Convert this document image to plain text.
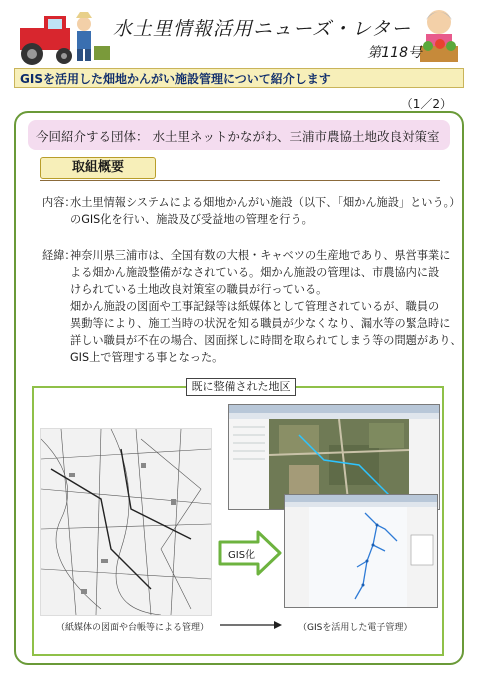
水土里情報活用ニューズ・レター
第118号
GISを活用した畑地かんがい施設管理について紹介します
（1／2）
今回紹介する団体： 水土里ネットかながわ、三浦市農協土地改良対策室
取組概要
内容：
水土里情報システムによる畑地かんがい施設（以下、「畑かん施設」という。）
のGIS化を行い、施設及び受益地の管理を行う。
経緯：
神奈川県三浦市は、全国有数の大根・キャベツの生産地であり、県営事業に
よる畑かん施設整備がなされている。畑かん施設の管理は、市農協内に設
けられている土地改良対策室の職員が行っている。
畑かん施設の図面や工事記録等は紙媒体として管理されているが、職員の
異動等により、施工当時の状況を知る職員が少なくなり、漏水等の緊急時に
詳しい職員が不在の場合、図面探しに時間を取られてしまう等の問題があり、
GIS上で管理する事となった。
既に整備された地区
GIS化
（紙媒体の図面や台帳等による管理）	（GISを活用した電子管理）
